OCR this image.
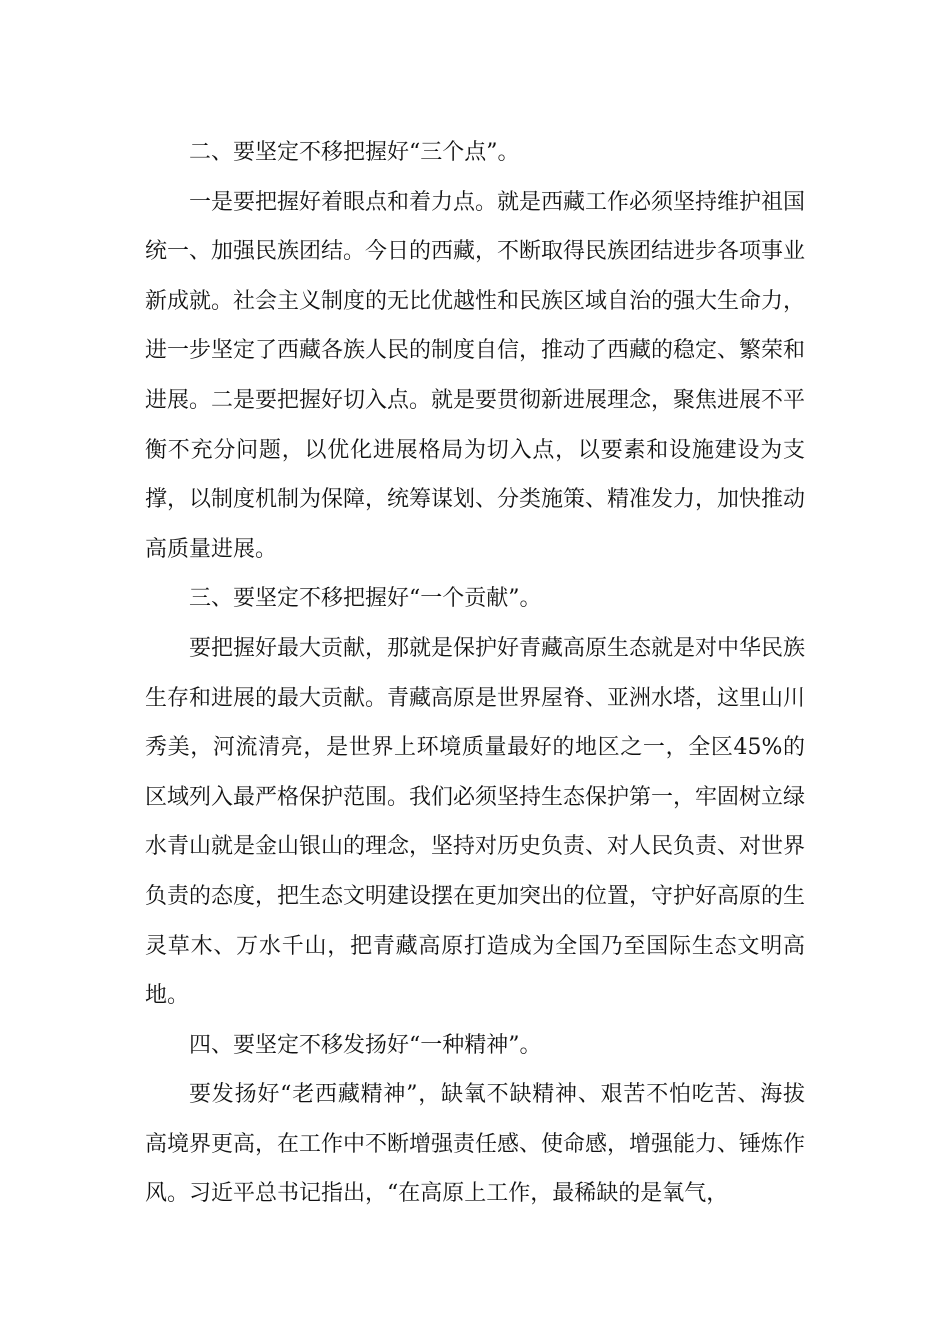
二、要坚定不移把握好“三个点”。

一是要把握好着眼点和着力点。就是西藏工作必须坚持维护祖国统一、加强民族团结。今日的西藏，不断取得民族团结进步各项事业新成就。社会主义制度的无比优越性和民族区域自治的强大生命力，进一步坚定了西藏各族人民的制度自信，推动了西藏的稳定、繁荣和进展。二是要把握好切入点。就是要贯彻新进展理念，聚焦进展不平衡不充分问题，以优化进展格局为切入点，以要素和设施建设为支撑，以制度机制为保障，统筹谋划、分类施策、精准发力，加快推动高质量进展。

三、要坚定不移把握好“一个贡献”。

要把握好最大贡献，那就是保护好青藏高原生态就是对中华民族生存和进展的最大贡献。青藏高原是世界屋脊、亚洲水塔，这里山川秀美，河流清亮，是世界上环境质量最好的地区之一，全区45%的区域列入最严格保护范围。我们必须坚持生态保护第一，牢固树立绿水青山就是金山银山的理念，坚持对历史负责、对人民负责、对世界负责的态度，把生态文明建设摆在更加突出的位置，守护好高原的生灵草木、万水千山，把青藏高原打造成为全国乃至国际生态文明高地。

四、要坚定不移发扬好“一种精神”。

要发扬好“老西藏精神”，缺氧不缺精神、艰苦不怕吃苦、海拔高境界更高，在工作中不断增强责任感、使命感，增强能力、锤炼作风。习近平总书记指出，“在高原上工作，最稀缺的是氧气，
